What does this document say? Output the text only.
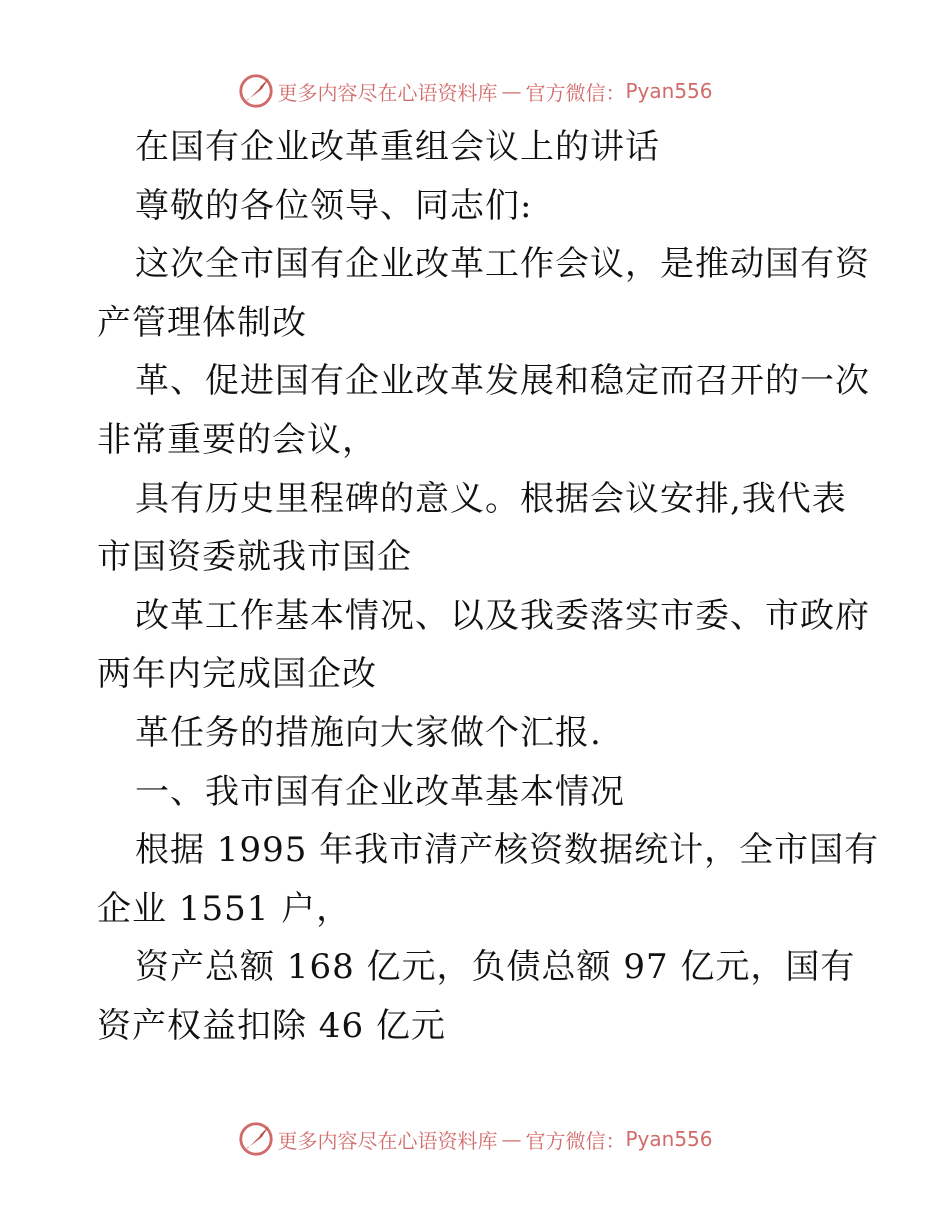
更多内容尽在心语资料库 — 官方微信： Pyan556

在国有企业改革重组会议上的讲话

尊敬的各位领导、同志们:

这次全市国有企业改革工作会议，是推动国有资
产管理体制改

革、促进国有企业改革发展和稳定而召开的一次
非常重要的会议，

具有历史里程碑的意义。根据会议安排,我代表
市国资委就我市国企

改革工作基本情况、以及我委落实市委、市政府
两年内完成国企改

革任务的措施向大家做个汇报.

一、我市国有企业改革基本情况

根据 1995 年我市清产核资数据统计，全市国有
企业 1551 户，

资产总额 168 亿元，负债总额 97 亿元，国有
资产权益扣除 46 亿元

更多内容尽在心语资料库 — 官方微信： Pyan556
